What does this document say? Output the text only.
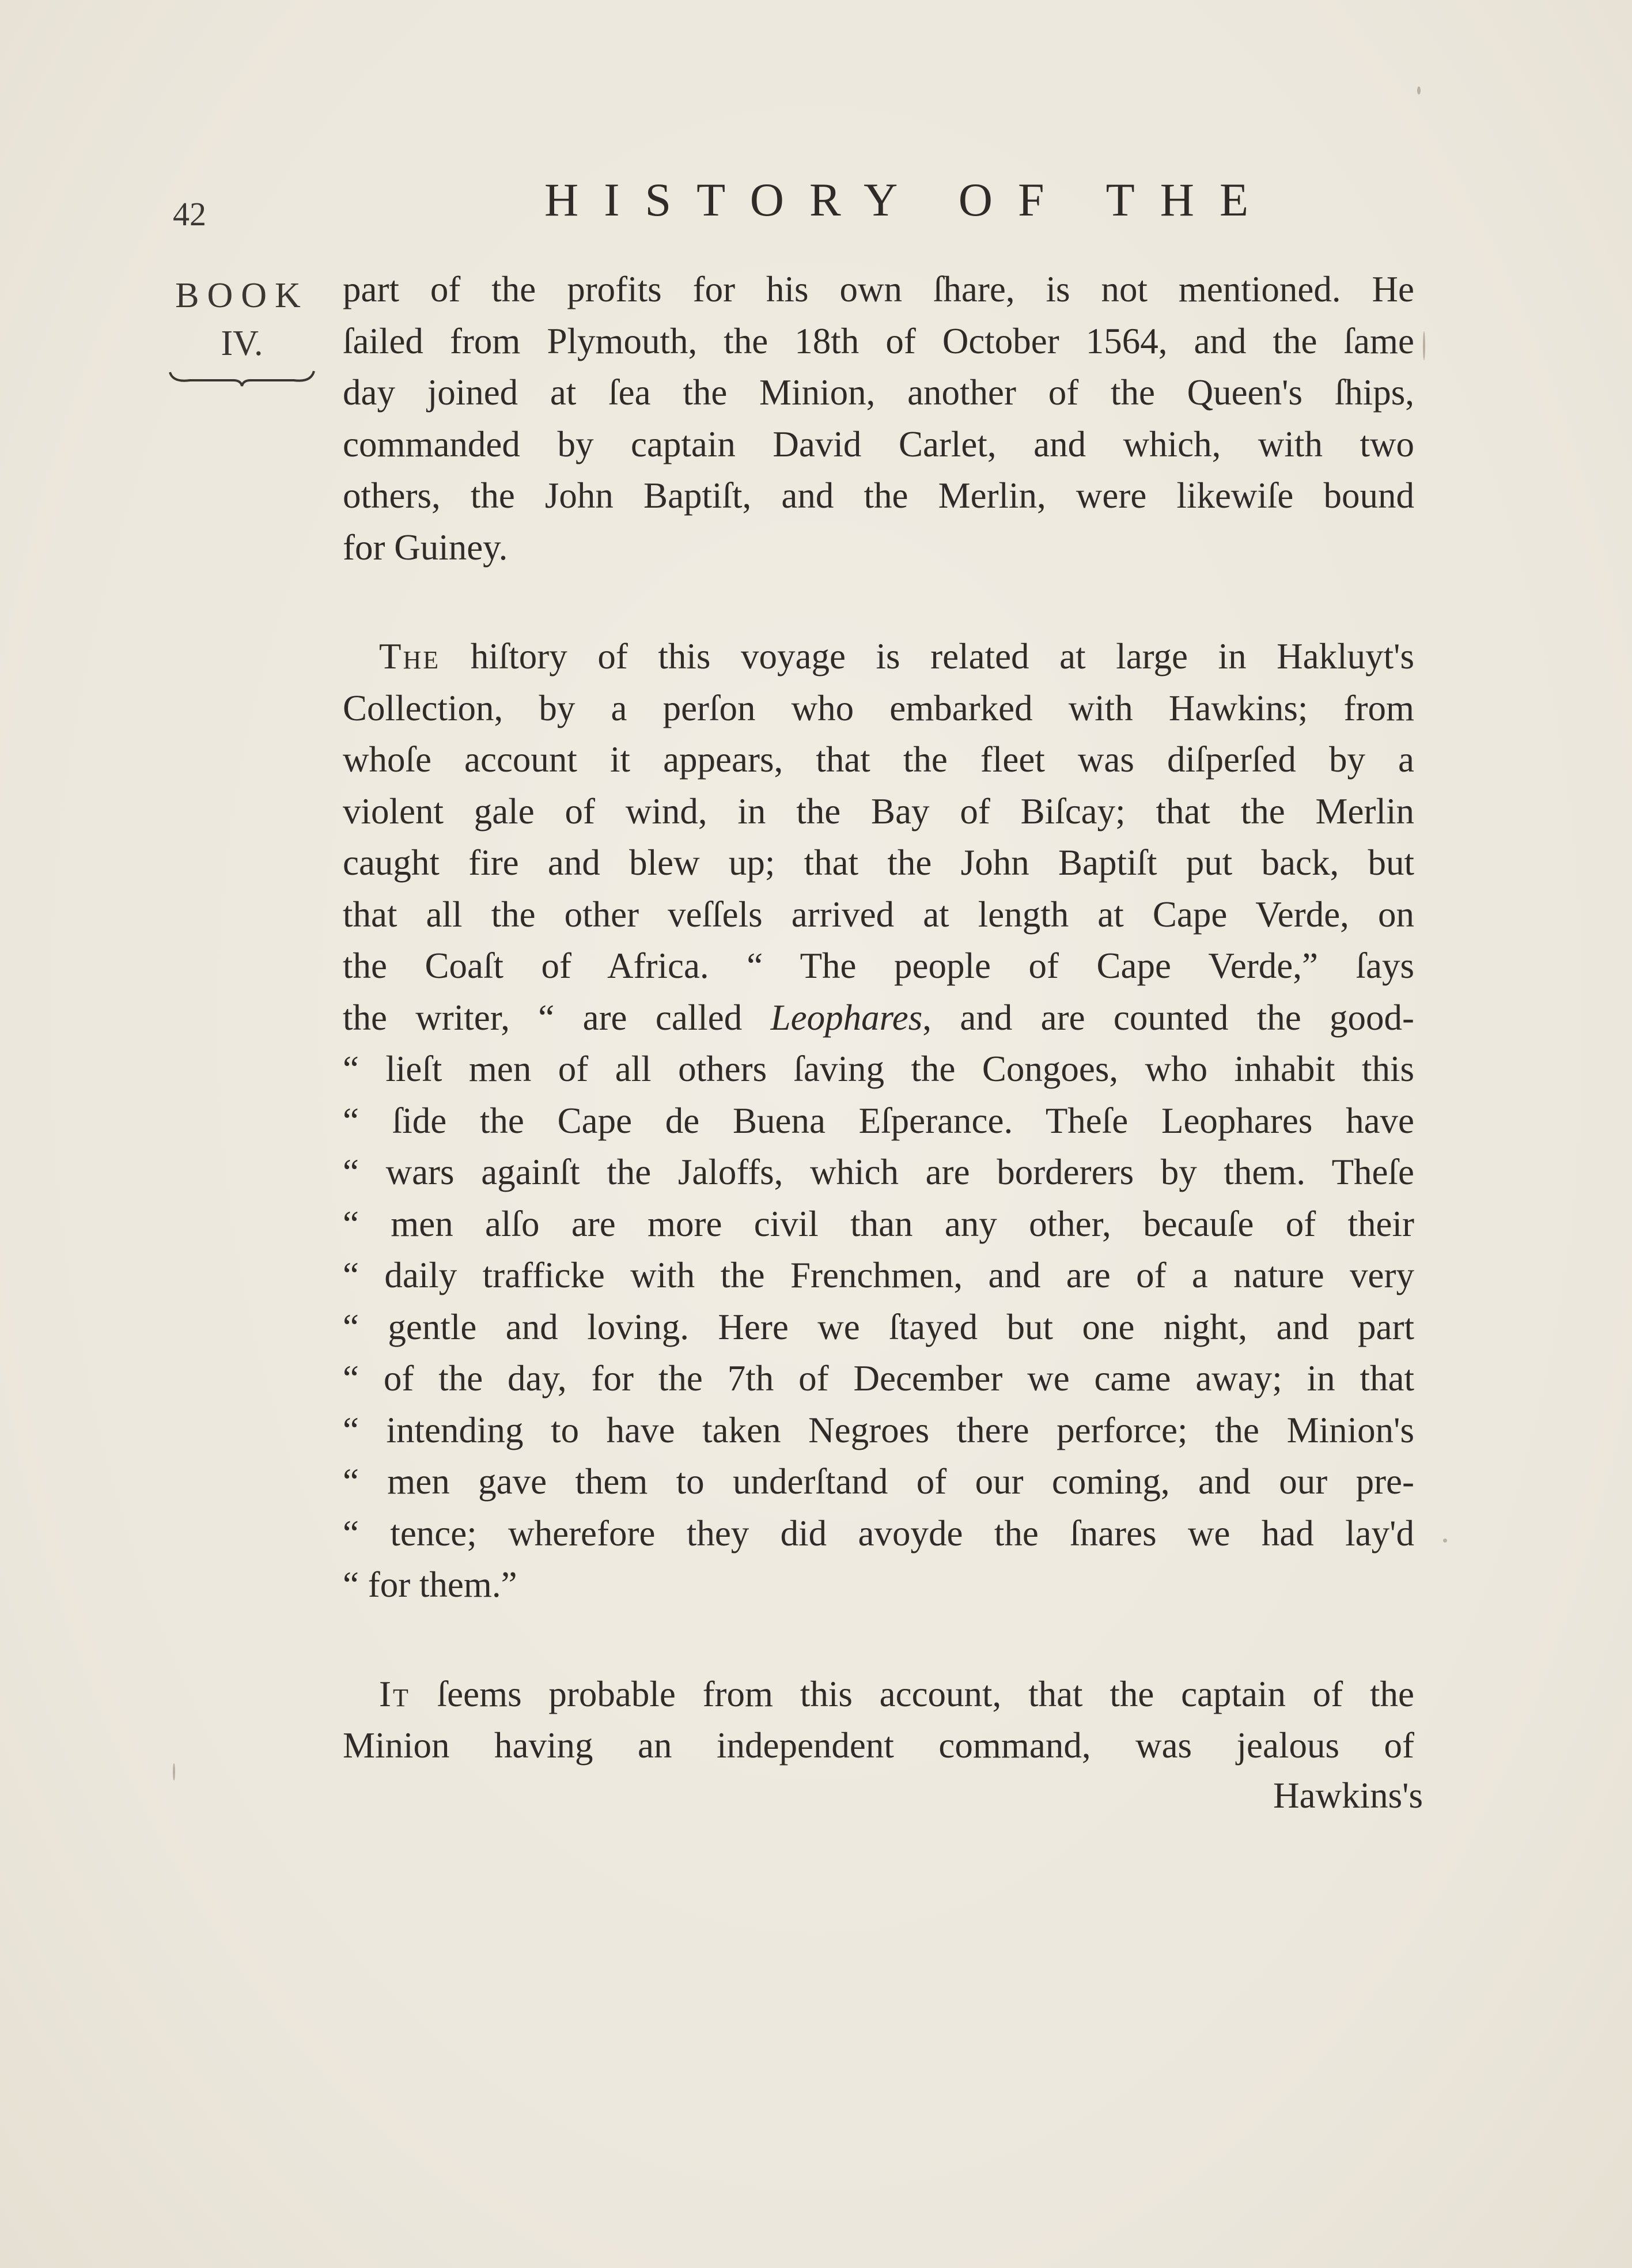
42	HISTORY OF THE
BOOK
IV.

part of the profits for his own ſhare, is not mentioned. He
ſailed from Plymouth, the 18th of October 1564, and the ſame
day joined at ſea the Minion, another of the Queen's ſhips,
commanded by captain David Carlet, and which, with two
others, the John Baptiſt, and the Merlin, were likewiſe bound
for Guiney.

 The hiſtory of this voyage is related at large in Hakluyt's
Collection, by a perſon who embarked with Hawkins; from
whoſe account it appears, that the fleet was diſperſed by a
violent gale of wind, in the Bay of Biſcay; that the Merlin
caught fire and blew up; that the John Baptiſt put back, but
that all the other veſſels arrived at length at Cape Verde, on
the Coaſt of Africa. “ The people of Cape Verde,” ſays
the writer, “ are called Leophares, and are counted the good-
“ lieſt men of all others ſaving the Congoes, who inhabit this
“ ſide the Cape de Buena Eſperance. Theſe Leophares have
“ wars againſt the Jaloffs, which are borderers by them. Theſe
“ men alſo are more civil than any other, becauſe of their
“ daily trafficke with the Frenchmen, and are of a nature very
“ gentle and loving. Here we ſtayed but one night, and part
“ of the day, for the 7th of December we came away; in that
“ intending to have taken Negroes there perforce; the Minion's
“ men gave them to underſtand of our coming, and our pre-
“ tence; wherefore they did avoyde the ſnares we had lay'd
“ for them.”

 It ſeems probable from this account, that the captain of the
Minion having an independent command, was jealous of

Hawkins's
